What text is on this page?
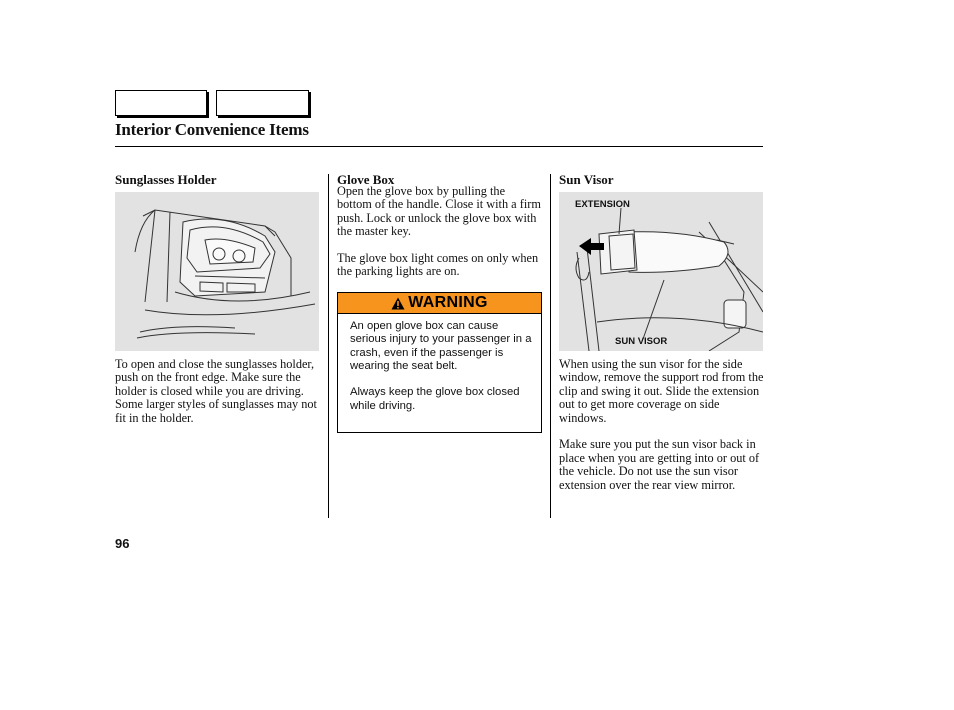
Interior Convenience Items
Sunglasses Holder

To open and close the sunglasses holder, push on the front edge. Make sure the holder is closed while you are driving. Some larger styles of sunglasses may not fit in the holder.

Glove Box

Open the glove box by pulling the bottom of the handle. Close it with a firm push. Lock or unlock the glove box with the master key.

The glove box light comes on only when the parking lights are on.

WARNING

An open glove box can cause serious injury to your passenger in a crash, even if the passenger is wearing the seat belt.

Always keep the glove box closed while driving.

Sun Visor
EXTENSION
SUN VISOR

When using the sun visor for the side window, remove the support rod from the clip and swing it out. Slide the extension out to get more coverage on side windows.

Make sure you put the sun visor back in place when you are getting into or out of the vehicle. Do not use the sun visor extension over the rear view mirror.

96
